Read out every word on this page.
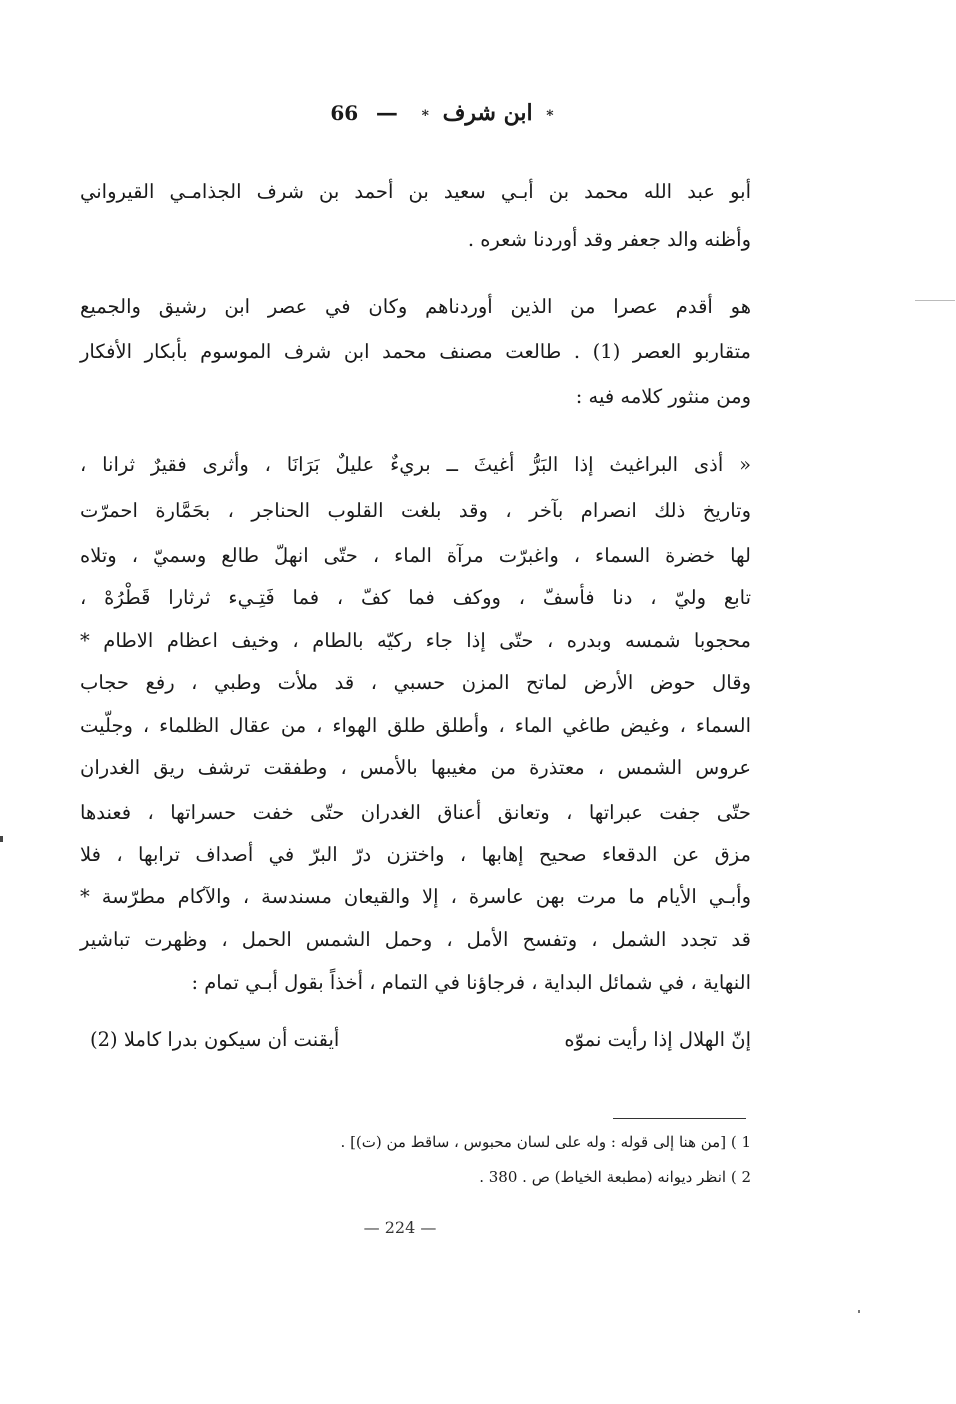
* ابن شرف * — 66
أبو عبد الله محمد بن أبـي سعيد بن أحمد بن شرف الجذامـي القيرواني
وأظنه والد جعفر وقد أوردنا شعره .
هو أقدم عصرا من الذين أوردناهم وكان في عصر ابن رشيق والجميع
متقاربو العصر (1) . طالعت مصنف محمد ابن شرف الموسوم بأبكار الأفكار
ومن منثور كلامه فيه :
« أذى البراغيث إذا البَرُّ أغيثَ ــ بريءٌ عليلٌ بَرَانَا ، وأثرى فقيرٌ ثرانا ،
وتاريخ ذلك انصرام بآخر ، وقد بلغت القلوب الحناجر ، بحَمَّارة احمرّت
لها خضرة السماء ، واغبرّت مرآة الماء ، حتّى انهلّ طالع وسميّ ، وتلاه
تابع وليّ ، دنا فأسفّ ، ووكف فما كفّ ، فما فَتِـيء ثرثارا قَطْرُهْ ،
محجوبا شمسه وبدره ، حتّى إذا جاء ركيّه بالطام ، وخيف اعظام الاطام *
وقال حوض الأرض لماتح المزن حسبي ، قد ملأت وطبي ، رفع حجاب
السماء ، وغيض طاغي الماء ، وأطلق طلق الهواء ، من عقال الظلماء ، وجلّيت
عروس الشمس ، معتذرة من مغيبها بالأمس ، وطفقت ترشف ريق الغدران
حتّى جفت عبراتها ، وتعانق أعناق الغدران حتّى خفت حسراتها ، فعندها
مزق عن الدقعاء صحيح إهابها ، واختزن درّ البرّ في أصداف ترابها ، فلا
وأبـي الأيام ما مرت بهن عاسرة ، إلا والقيعان مسندسة ، والآكام مطرّسة *
قد تجدد الشمل ، وتفسح الأمل ، وحمل الشمس الحمل ، وظهرت تباشير
النهاية ، في شمائل البداية ، فرجاؤنا في التمام ، أخذاً بقول أبـي تمام :
إنّ الهلال إذا رأيت نموّه
أيقنت أن سيكون بدرا كاملا (2)
1 ) [من هنا إلى قوله : وله على لسان محبوس ، ساقط من (ت)] .
2 ) انظر ديوانه (مطبعة الخياط) ص . 380 .
— 224 —
